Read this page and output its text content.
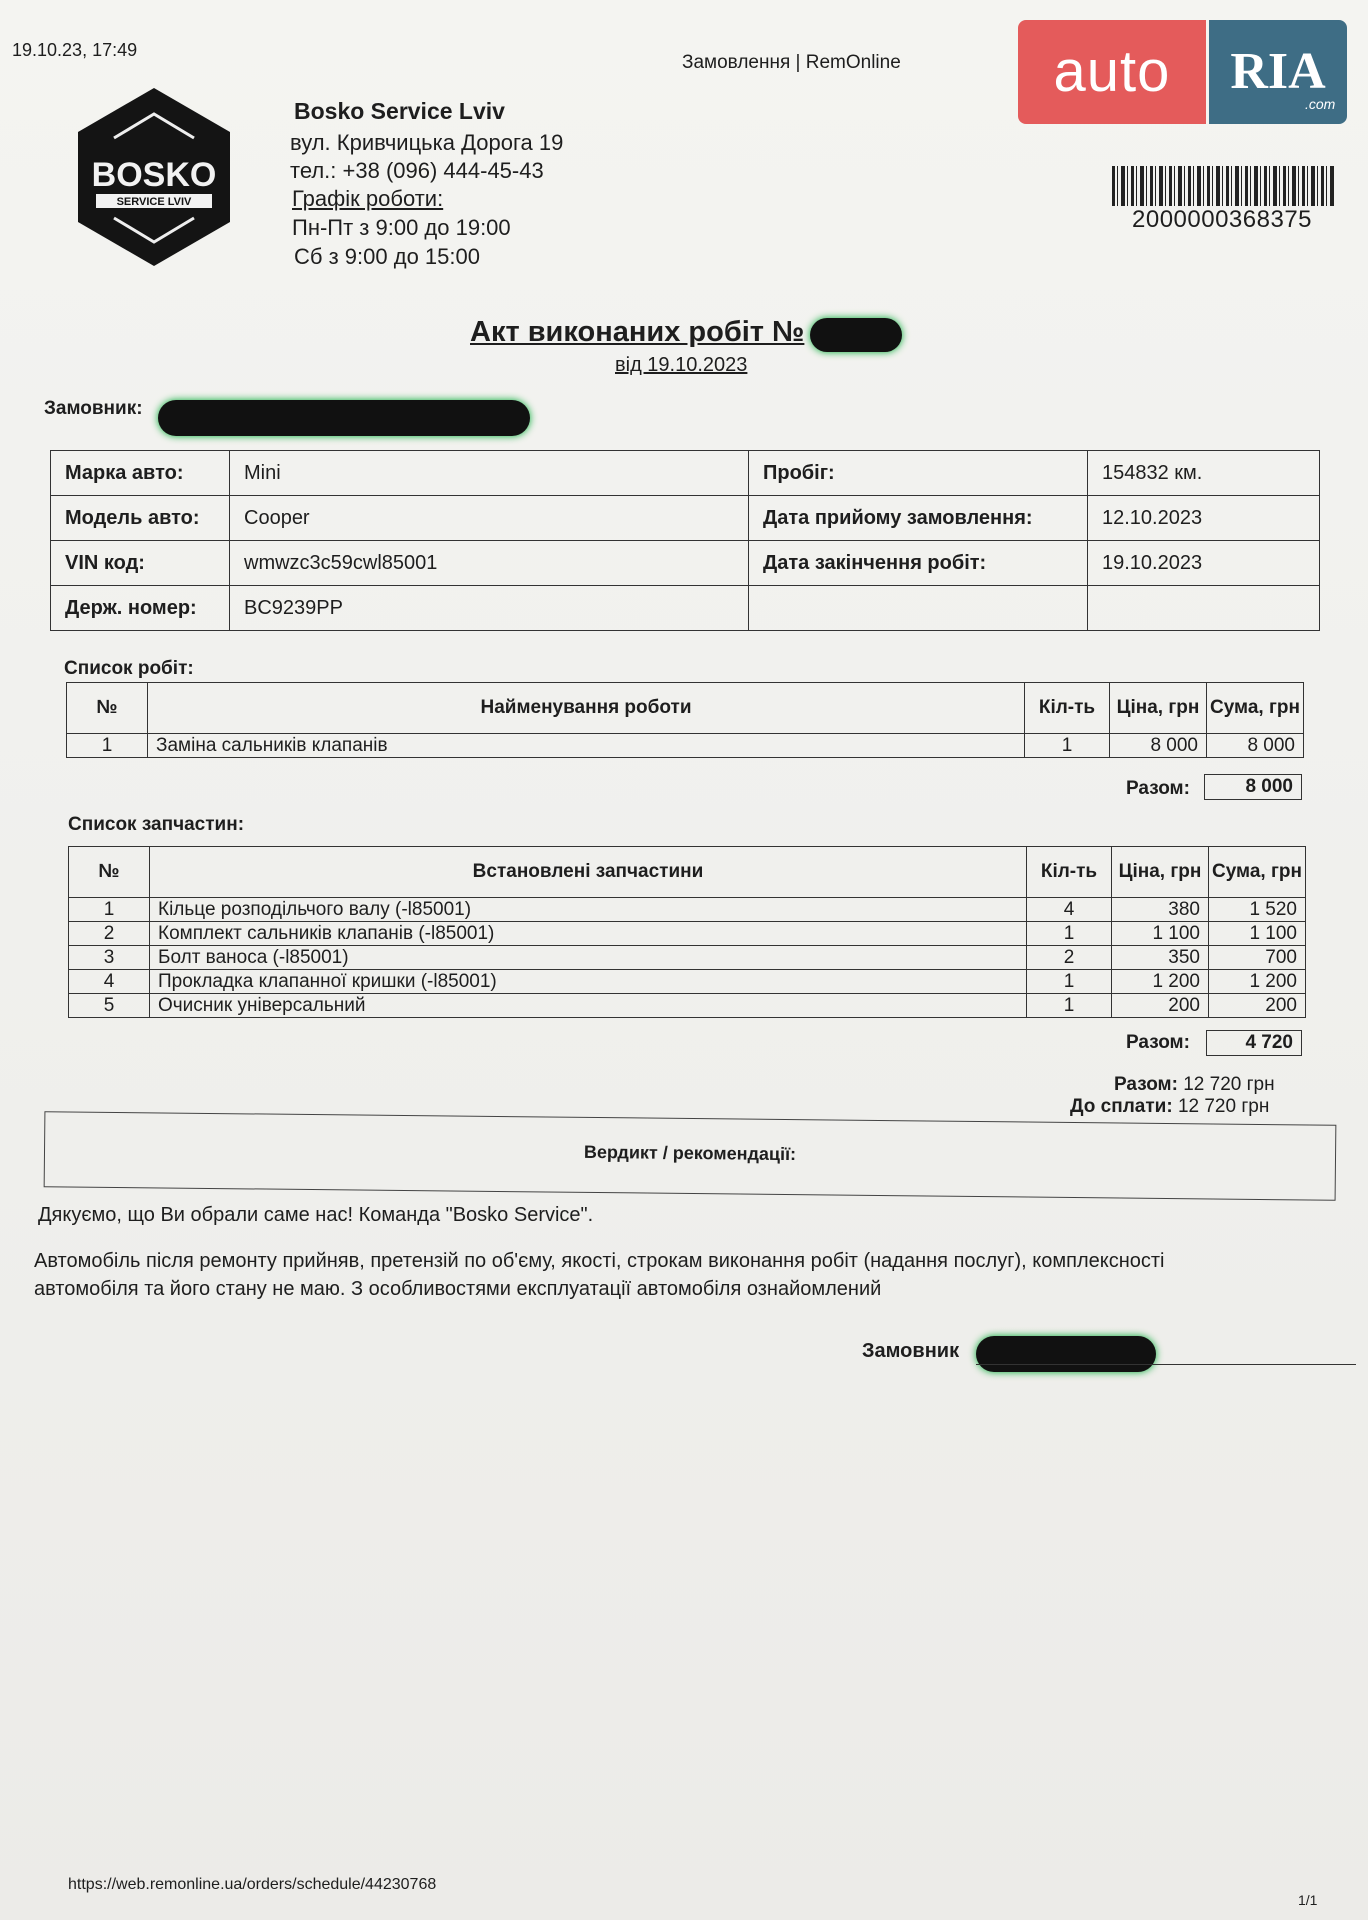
19.10.23, 17:49
Замовлення | RemOnline	auto	RIA
.com
BOSKO
SERVICE LVIV
Bosko Service Lviv
вул. Кривчицька Дорога 19
тел.: +38 (096) 444-45-43
Графік роботи:
Пн-Пт з 9:00 до 19:00
Сб з 9:00 до 15:00
2000000368375
Акт виконаних робіт №
від 19.10.2023
Замовник:
Марка авто:	Mini	Пробіг:	154832 км.
Модель авто:	Cooper	Дата прийому замовлення:	12.10.2023
VIN код:	wmwzc3c59cwl85001	Дата закінчення робіт:	19.10.2023
Держ. номер:	BC9239PP		
Список робіт:
№	Найменування роботи	Кіл-ть	Ціна, грн	Сума, грн
1	Заміна сальників клапанів	1	8 000	8 000
Разом:	8 000
Список запчастин:
№	Встановлені запчастини	Кіл-ть	Ціна, грн	Сума, грн
1	Кільце розподільчого валу (-l85001)	4	380	1 520
2	Комплект сальників клапанів (-l85001)	1	1 100	1 100
3	Болт ваноса (-l85001)	2	350	700
4	Прокладка клапанної кришки (-l85001)	1	1 200	1 200
5	Очисник універсальний	1	200	200
Разом:	4 720
Разом: 12 720 грн
До сплати: 12 720 грн
Вердикт / рекомендації:
Дякуємо, що Ви обрали саме нас! Команда "Bosko Service".
Автомобіль після ремонту прийняв, претензій по об'єму, якості, строкам виконання робіт (надання послуг), комплексності
автомобіля та його стану не маю. З особливостями експлуатації автомобіля ознайомлений
Замовник
https://web.remonline.ua/orders/schedule/44230768
1/1
